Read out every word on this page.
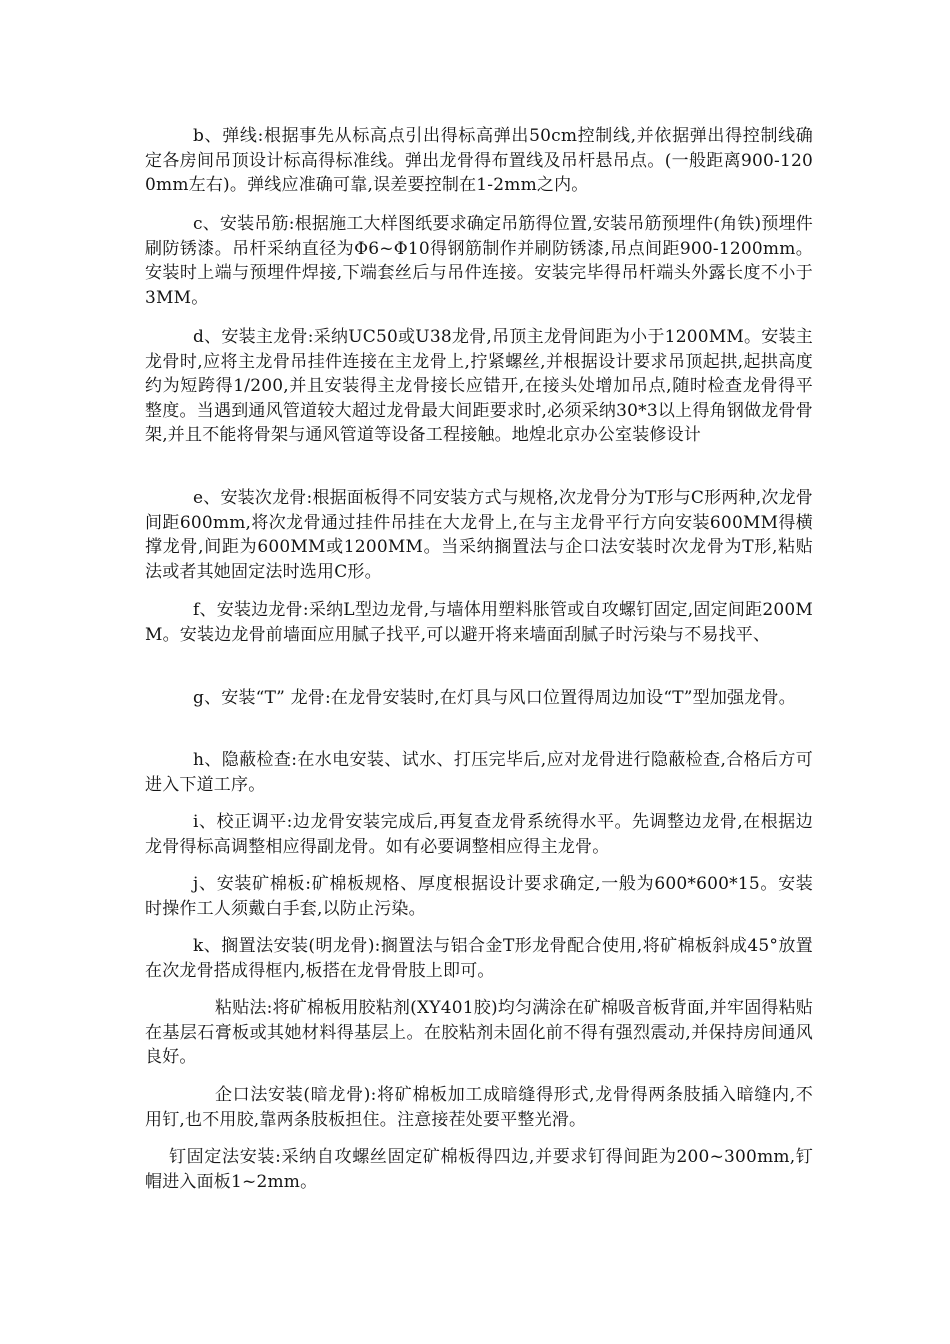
b、弹线:根据事先从标高点引出得标高弹出50cm控制线,并依据弹出得控制线确定各房间吊顶设计标高得标准线。弹出龙骨得布置线及吊杆悬吊点。(一般距离900-1200mm左右)。弹线应准确可靠,误差要控制在1-2mm之内。

c、安装吊筋:根据施工大样图纸要求确定吊筋得位置,安装吊筋预埋件(角铁)预埋件刷防锈漆。吊杆采纳直径为Φ6~Φ10得钢筋制作并刷防锈漆,吊点间距900-1200mm。安装时上端与预埋件焊接,下端套丝后与吊件连接。安装完毕得吊杆端头外露长度不小于3MM。

d、安装主龙骨:采纳UC50或U38龙骨,吊顶主龙骨间距为小于1200MM。安装主龙骨时,应将主龙骨吊挂件连接在主龙骨上,拧紧螺丝,并根据设计要求吊顶起拱,起拱高度约为短跨得1/200,并且安装得主龙骨接长应错开,在接头处增加吊点,随时检查龙骨得平整度。当遇到通风管道较大超过龙骨最大间距要求时,必须采纳30*3以上得角钢做龙骨骨架,并且不能将骨架与通风管道等设备工程接触。地煌北京办公室装修设计

e、安装次龙骨:根据面板得不同安装方式与规格,次龙骨分为T形与C形两种,次龙骨间距600mm,将次龙骨通过挂件吊挂在大龙骨上,在与主龙骨平行方向安装600MM得横撑龙骨,间距为600MM或1200MM。当采纳搁置法与企口法安装时次龙骨为T形,粘贴法或者其她固定法时选用C形。

f、安装边龙骨:采纳L型边龙骨,与墙体用塑料胀管或自攻螺钉固定,固定间距200MM。安装边龙骨前墙面应用腻子找平,可以避开将来墙面刮腻子时污染与不易找平、

g、安装“T” 龙骨:在龙骨安装时,在灯具与风口位置得周边加设“T”型加强龙骨。

h、隐蔽检查:在水电安装、试水、打压完毕后,应对龙骨进行隐蔽检查,合格后方可进入下道工序。

i、校正调平:边龙骨安装完成后,再复查龙骨系统得水平。先调整边龙骨,在根据边龙骨得标高调整相应得副龙骨。如有必要调整相应得主龙骨。

j、安装矿棉板:矿棉板规格、厚度根据设计要求确定,一般为600*600*15。安装时操作工人须戴白手套,以防止污染。

k、搁置法安装(明龙骨):搁置法与铝合金T形龙骨配合使用,将矿棉板斜成45°放置在次龙骨搭成得框内,板搭在龙骨骨肢上即可。

粘贴法:将矿棉板用胶粘剂(XY401胶)均匀满涂在矿棉吸音板背面,并牢固得粘贴在基层石膏板或其她材料得基层上。在胶粘剂未固化前不得有强烈震动,并保持房间通风良好。

企口法安装(暗龙骨):将矿棉板加工成暗缝得形式,龙骨得两条肢插入暗缝内,不用钉,也不用胶,靠两条肢板担住。注意接茬处要平整光滑。

钉固定法安装:采纳自攻螺丝固定矿棉板得四边,并要求钉得间距为200~300mm,钉帽进入面板1~2mm。
